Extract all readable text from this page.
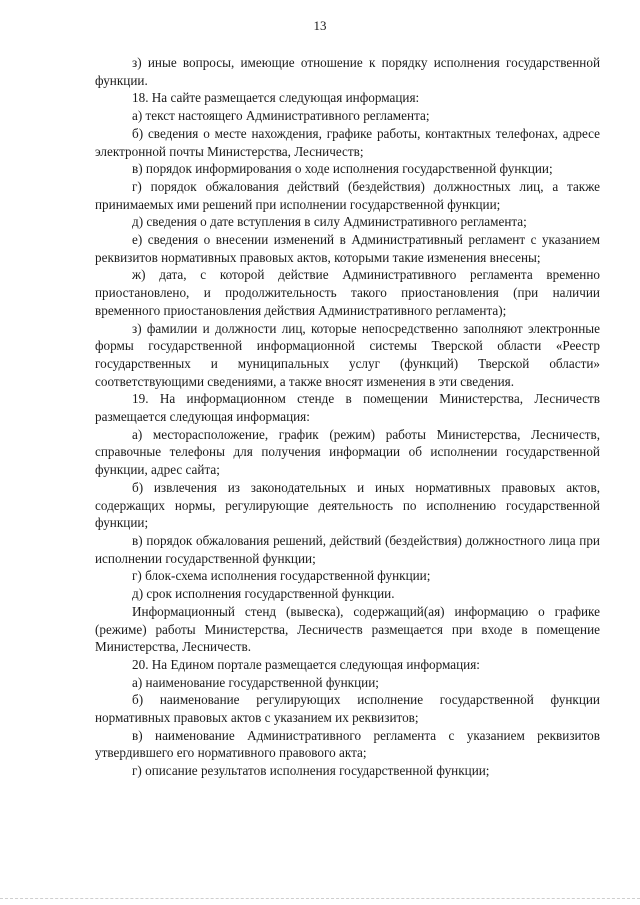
13

з) иные вопросы, имеющие отношение к порядку исполнения государственной функции.

18. На сайте размещается следующая информация:

а) текст настоящего Административного регламента;

б) сведения о месте нахождения, графике работы, контактных телефонах, адресе электронной почты Министерства, Лесничеств;

в) порядок информирования о ходе исполнения государственной функции;

г) порядок обжалования действий (бездействия) должностных лиц, а также принимаемых ими решений при исполнении государственной функции;

д) сведения о дате вступления в силу Административного регламента;

е) сведения о внесении изменений в Административный регламент с указанием реквизитов нормативных правовых актов, которыми такие изменения внесены;

ж) дата, с которой действие Административного регламента временно приостановлено, и продолжительность такого приостановления (при наличии временного приостановления действия Административного регламента);

з) фамилии и должности лиц, которые непосредственно заполняют электронные формы государственной информационной системы Тверской области «Реестр государственных и муниципальных услуг (функций) Тверской области» соответствующими сведениями, а также вносят изменения в эти сведения.

19. На информационном стенде в помещении Министерства, Лесничеств размещается следующая информация:

а) месторасположение, график (режим) работы Министерства, Лесничеств, справочные телефоны для получения информации об исполнении государственной функции, адрес сайта;

б) извлечения из законодательных и иных нормативных правовых актов, содержащих нормы, регулирующие деятельность по исполнению государственной функции;

в) порядок обжалования решений, действий (бездействия) должностного лица при исполнении государственной функции;

г) блок-схема исполнения государственной функции;

д) срок исполнения государственной функции.

Информационный стенд (вывеска), содержащий(ая) информацию о графике (режиме) работы Министерства, Лесничеств размещается при входе в помещение Министерства, Лесничеств.

20. На Едином портале размещается следующая информация:

а) наименование государственной функции;

б) наименование регулирующих исполнение государственной функции нормативных правовых актов с указанием их реквизитов;

в) наименование Административного регламента с указанием реквизитов утвердившего его нормативного правового акта;

г) описание результатов исполнения государственной функции;
